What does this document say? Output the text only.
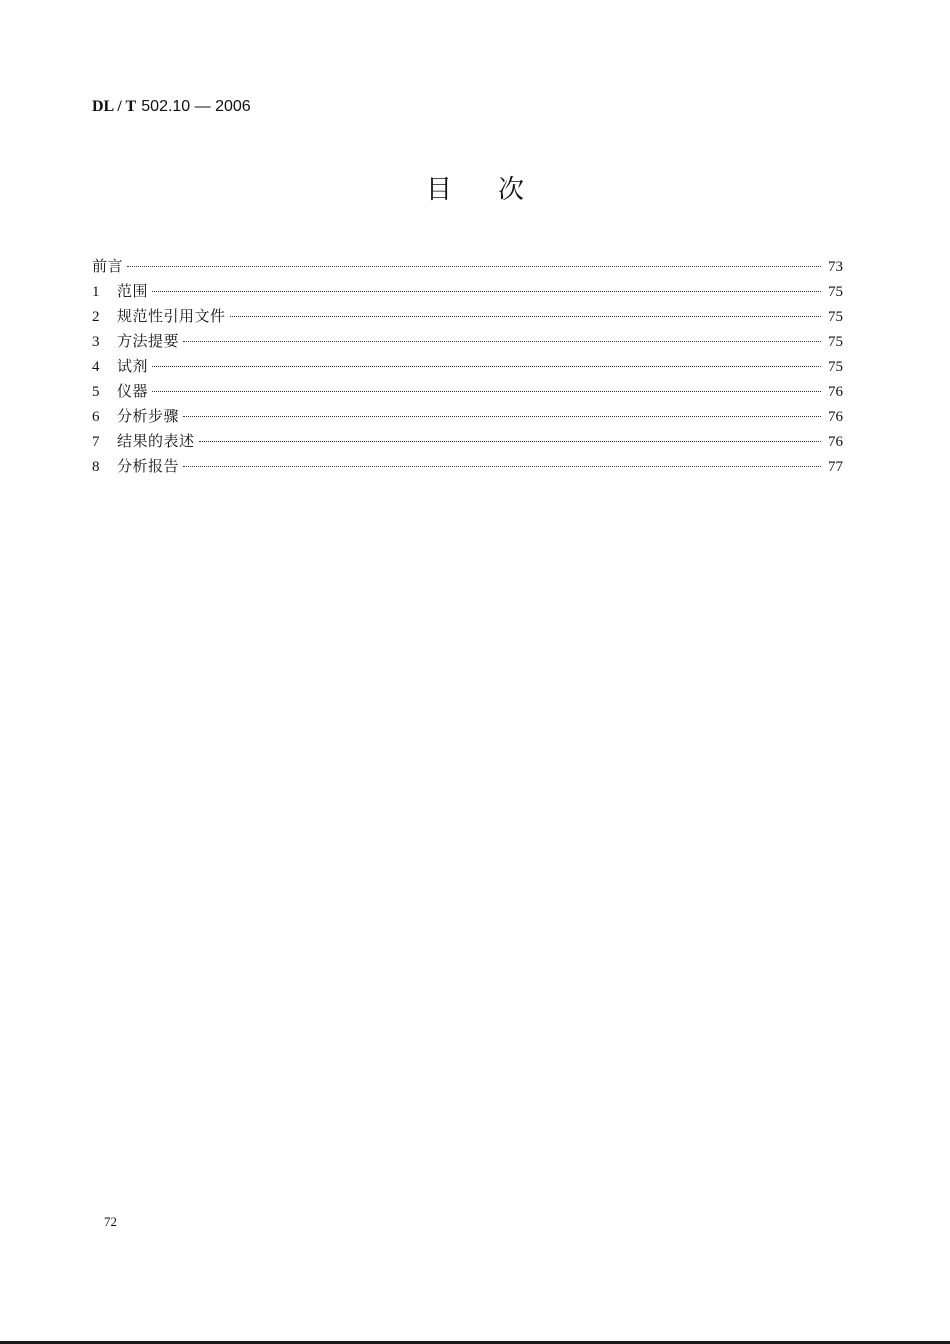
DL / T 502.10 — 2006
目次
前言	73
1	范围	75
2	规范性引用文件	75
3	方法提要	75
4	试剂	75
5	仪器	76
6	分析步骤	76
7	结果的表述	76
8	分析报告	77
72
